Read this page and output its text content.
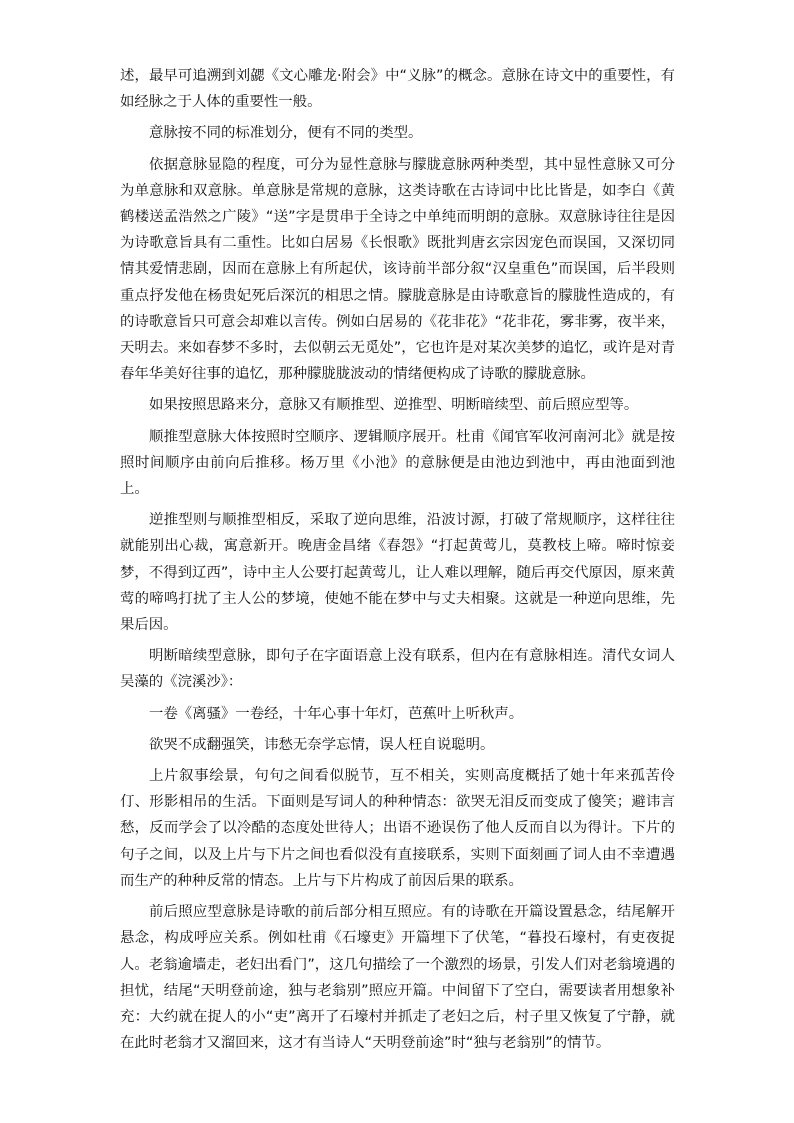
述，最早可追溯到刘勰《文心雕龙·附会》中“义脉”的概念。意脉在诗文中的重要性，有如经脉之于人体的重要性一般。

意脉按不同的标准划分，便有不同的类型。

依据意脉显隐的程度，可分为显性意脉与朦胧意脉两种类型，其中显性意脉又可分为单意脉和双意脉。单意脉是常规的意脉，这类诗歌在古诗词中比比皆是，如李白《黄鹤楼送孟浩然之广陵》“送”字是贯串于全诗之中单纯而明朗的意脉。双意脉诗往往是因为诗歌意旨具有二重性。比如白居易《长恨歌》既批判唐玄宗因宠色而误国，又深切同情其爱情悲剧，因而在意脉上有所起伏，该诗前半部分叙“汉皇重色”而误国，后半段则重点抒发他在杨贵妃死后深沉的相思之情。朦胧意脉是由诗歌意旨的朦胧性造成的，有的诗歌意旨只可意会却难以言传。例如白居易的《花非花》“花非花，雾非雾，夜半来，天明去。来如春梦不多时，去似朝云无觅处”，它也许是对某次美梦的追忆，或许是对青春年华美好往事的追忆，那种朦胧胧波动的情绪便构成了诗歌的朦胧意脉。

如果按照思路来分，意脉又有顺推型、逆推型、明断暗续型、前后照应型等。

顺推型意脉大体按照时空顺序、逻辑顺序展开。杜甫《闻官军收河南河北》就是按照时间顺序由前向后推移。杨万里《小池》的意脉便是由池边到池中，再由池面到池上。

逆推型则与顺推型相反，采取了逆向思维，沿波讨源，打破了常规顺序，这样往往就能别出心裁，寓意新开。晚唐金昌绪《春怨》“打起黄莺儿，莫教枝上啼。啼时惊妾梦，不得到辽西”，诗中主人公要打起黄莺儿，让人难以理解，随后再交代原因，原来黄莺的啼鸣打扰了主人公的梦境，使她不能在梦中与丈夫相聚。这就是一种逆向思维，先果后因。

明断暗续型意脉，即句子在字面语意上没有联系，但内在有意脉相连。清代女词人吴藻的《浣溪沙》：

一卷《离骚》一卷经，十年心事十年灯，芭蕉叶上听秋声。

欲哭不成翻强笑，讳愁无奈学忘情，误人枉自说聪明。

上片叙事绘景，句句之间看似脱节，互不相关，实则高度概括了她十年来孤苦伶仃、形影相吊的生活。下面则是写词人的种种情态：欲哭无泪反而变成了傻笑；避讳言愁，反而学会了以冷酷的态度处世待人；出语不逊误伤了他人反而自以为得计。下片的句子之间，以及上片与下片之间也看似没有直接联系，实则下面刻画了词人由不幸遭遇而生产的种种反常的情态。上片与下片构成了前因后果的联系。

前后照应型意脉是诗歌的前后部分相互照应。有的诗歌在开篇设置悬念，结尾解开悬念，构成呼应关系。例如杜甫《石壕吏》开篇埋下了伏笔，“暮投石壕村，有吏夜捉人。老翁逾墙走，老妇出看门”，这几句描绘了一个激烈的场景，引发人们对老翁境遇的担忧，结尾“天明登前途，独与老翁别”照应开篇。中间留下了空白，需要读者用想象补充：大约就在捉人的小“吏”离开了石壕村并抓走了老妇之后，村子里又恢复了宁静，就在此时老翁才又溜回来，这才有当诗人“天明登前途”时“独与老翁别”的情节。
